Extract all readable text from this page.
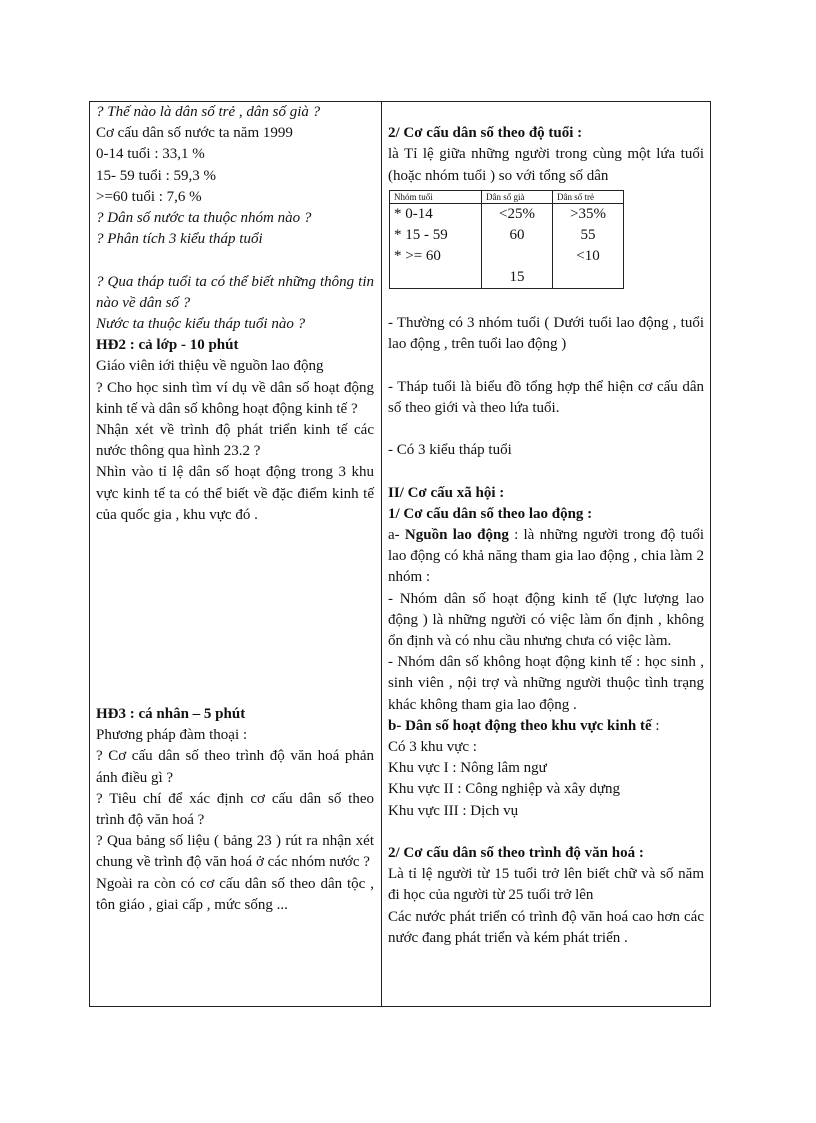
? Thế nào là dân số trẻ , dân số già ?
Cơ cấu dân số nước ta năm 1999
0-14 tuổi : 33,1 %
15- 59 tuổi : 59,3 %
>=60 tuổi : 7,6 %
? Dân số nước ta thuộc nhóm nào ?
? Phân tích 3 kiểu tháp tuổi
? Qua tháp tuổi ta có thể biết những thông tin nào về dân số ?
Nước ta thuộc kiểu tháp tuổi nào ?
HĐ2 : cả lớp - 10 phút
Giáo viên iới thiệu về nguồn lao động
? Cho học sinh tìm ví dụ về dân số hoạt động kinh tế và dân số không hoạt động kinh tế ?
Nhận xét về trình độ phát triển kinh tế các nước thông qua hình 23.2 ?
Nhìn vào tỉ lệ dân số hoạt động trong 3 khu vực kinh tế ta có thể biết về đặc điểm kinh tế của quốc gia , khu vực đó .
HĐ3 : cá nhân – 5 phút
Phương pháp đàm thoại :
? Cơ cấu dân số theo trình độ văn hoá phản ánh điều gì ?
? Tiêu chí để xác định cơ cấu dân số theo trình độ văn hoá ?
? Qua bảng số liệu ( bảng 23 ) rút ra nhận xét chung về trình độ văn hoá ở các nhóm nước ?
Ngoài ra còn có cơ cấu dân số theo dân tộc , tôn giáo , giai cấp , mức sống ...
2/ Cơ cấu dân số theo độ tuổi :
là Tỉ lệ giữa những người trong cùng một lứa tuổi (hoặc nhóm tuổi ) so với tổng số dân
Nhóm tuổi	Dân số già	Dân số trẻ
* 0-14	<25%	>35%
* 15 - 59	60	55
* >= 60		<10
	15	
- Thường có 3 nhóm tuổi ( Dưới tuổi lao động , tuổi lao động , trên tuổi lao động )
- Tháp tuổi là biểu đồ tổng hợp thể hiện cơ cấu dân số theo giới và theo lứa tuổi.
- Có 3 kiểu tháp tuổi
II/ Cơ cấu xã hội :
1/ Cơ cấu dân số theo lao động :
a- Nguồn lao động : là những người trong độ tuổi lao động có khả năng tham gia lao động , chia làm 2 nhóm :
- Nhóm dân số hoạt động kinh tế (lực lượng lao động ) là những người có việc làm ổn định , không ổn định và có nhu cầu nhưng chưa có việc làm.
- Nhóm dân số không hoạt động kinh tế : học sinh , sinh viên , nội trợ và những người thuộc tình trạng khác không tham gia lao động .
b- Dân số hoạt động theo khu vực kinh tế :
Có 3 khu vực :
Khu vực I : Nông lâm ngư
Khu vực II : Công nghiệp và xây dựng
Khu vực III : Dịch vụ
2/ Cơ cấu dân số theo trình độ văn hoá :
Là tỉ lệ người từ 15 tuổi trở lên biết chữ và số năm đi học của người từ 25 tuổi trở lên
Các nước phát triển có trình độ văn hoá cao hơn các nước đang phát triển và kém phát triển .
